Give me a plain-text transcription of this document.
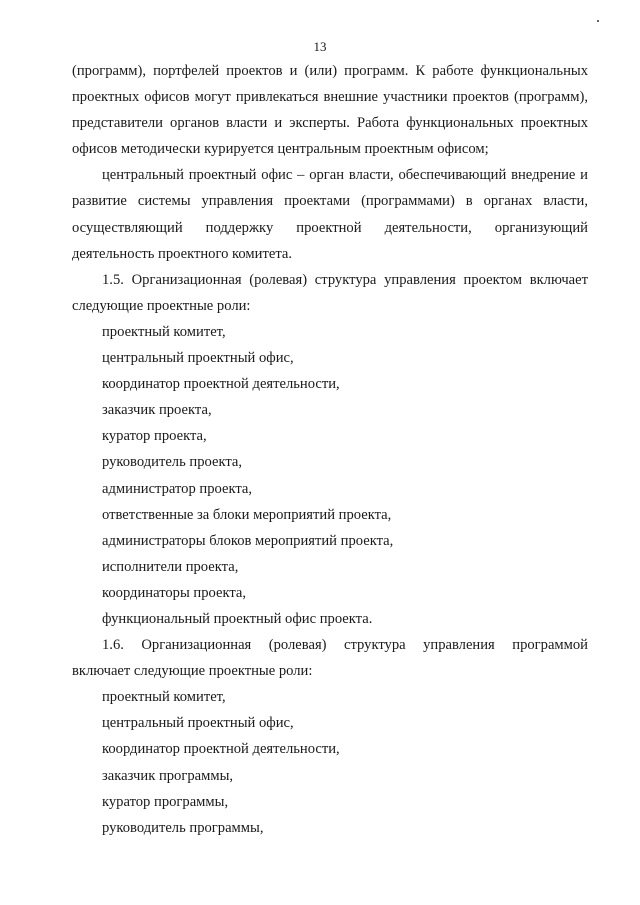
13
(программ), портфелей проектов и (или) программ. К работе функциональных
проектных офисов могут привлекаться внешние участники проектов (программ),
представители органов власти и эксперты. Работа функциональных проектных
офисов методически курируется центральным проектным офисом;
центральный проектный офис – орган власти, обеспечивающий внедрение и
развитие системы управления проектами (программами) в органах власти,
осуществляющий поддержку проектной деятельности, организующий
деятельность проектного комитета.
1.5. Организационная (ролевая) структура управления проектом включает
следующие проектные роли:
проектный комитет,
центральный проектный офис,
координатор проектной деятельности,
заказчик проекта,
куратор проекта,
руководитель проекта,
администратор проекта,
ответственные за блоки мероприятий проекта,
администраторы блоков мероприятий проекта,
исполнители проекта,
координаторы проекта,
функциональный проектный офис проекта.
1.6. Организационная (ролевая) структура управления программой
включает следующие проектные роли:
проектный комитет,
центральный проектный офис,
координатор проектной деятельности,
заказчик программы,
куратор программы,
руководитель программы,
